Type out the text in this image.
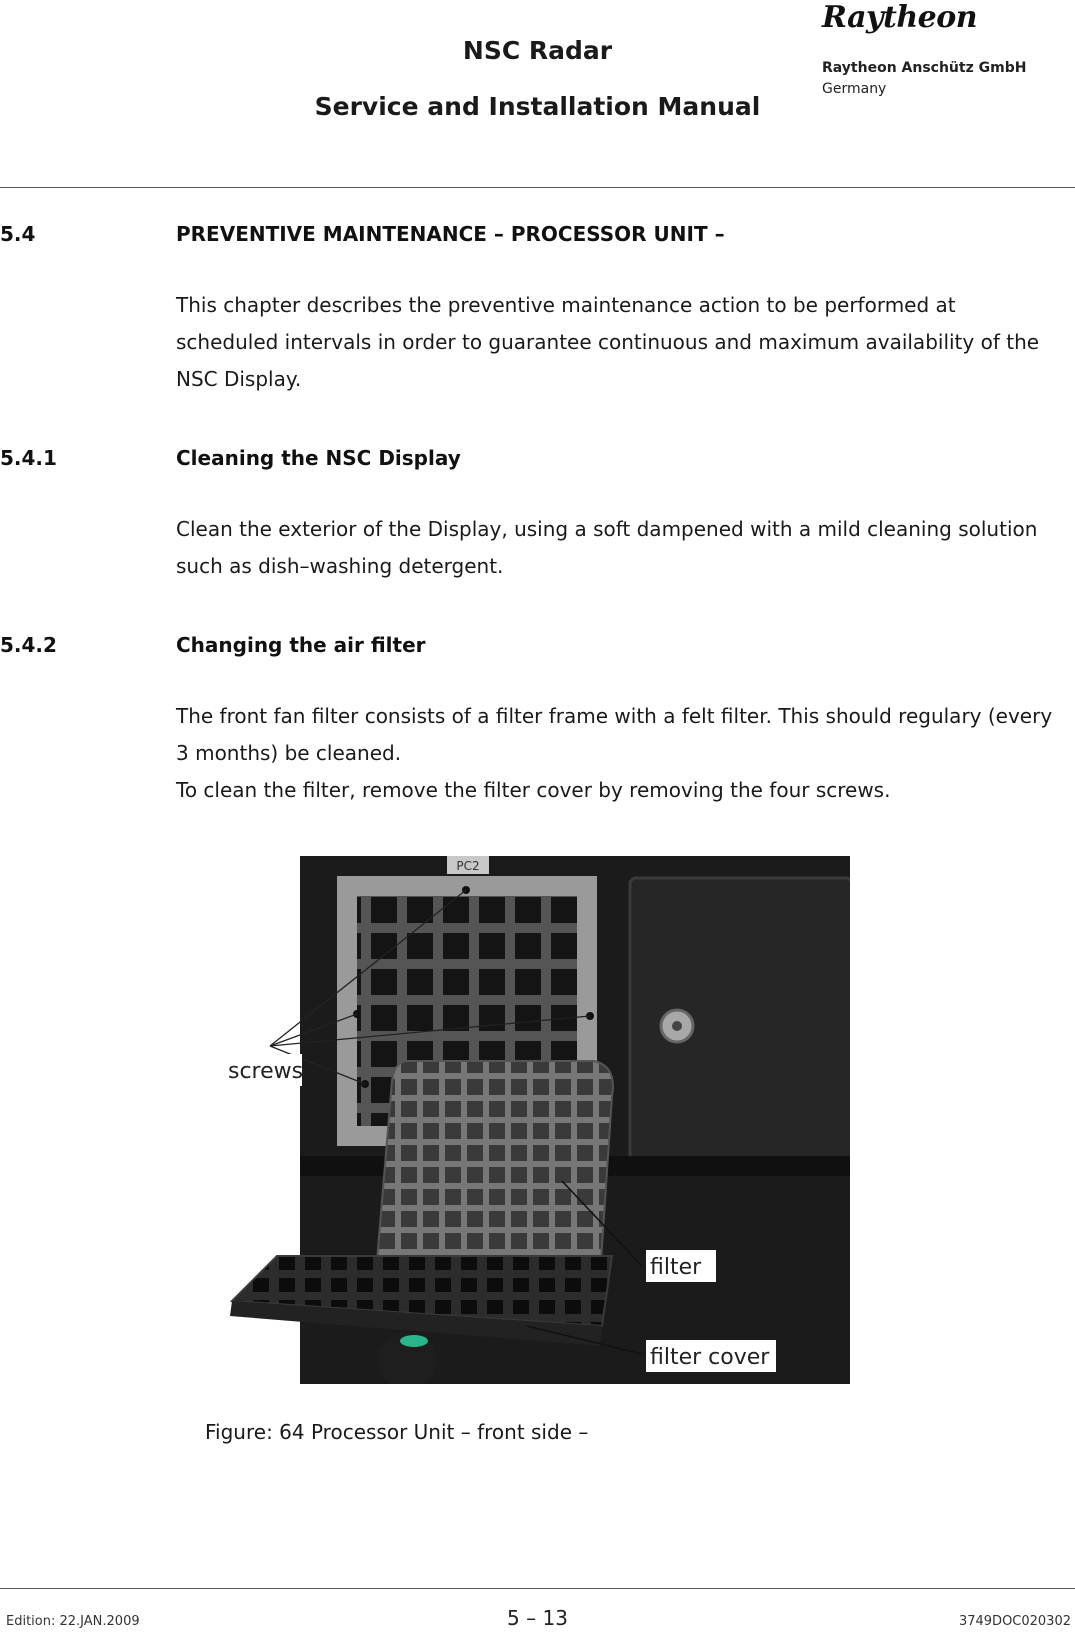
NSC Radar
Service and Installation Manual
Raytheon
Raytheon Anschütz GmbH
Germany
5.4	PREVENTIVE MAINTENANCE – PROCESSOR UNIT –

This chapter describes the preventive maintenance action to be performed at scheduled intervals in order to guarantee continuous and maximum availability of the NSC Display.

5.4.1	Cleaning the NSC Display

Clean the exterior of the Display, using a soft dampened with a mild cleaning solution such as dish–washing detergent.

5.4.2	Changing the air filter

The front fan filter consists of a filter frame with a felt filter. This should regulary (every 3 months) be cleaned.

To clean the filter, remove the filter cover by removing the four screws.

PC2
screws
filter
filter cover
Figure: 64 Processor Unit – front side –
Edition: 22.JAN.2009	5 – 13	3749DOC020302
